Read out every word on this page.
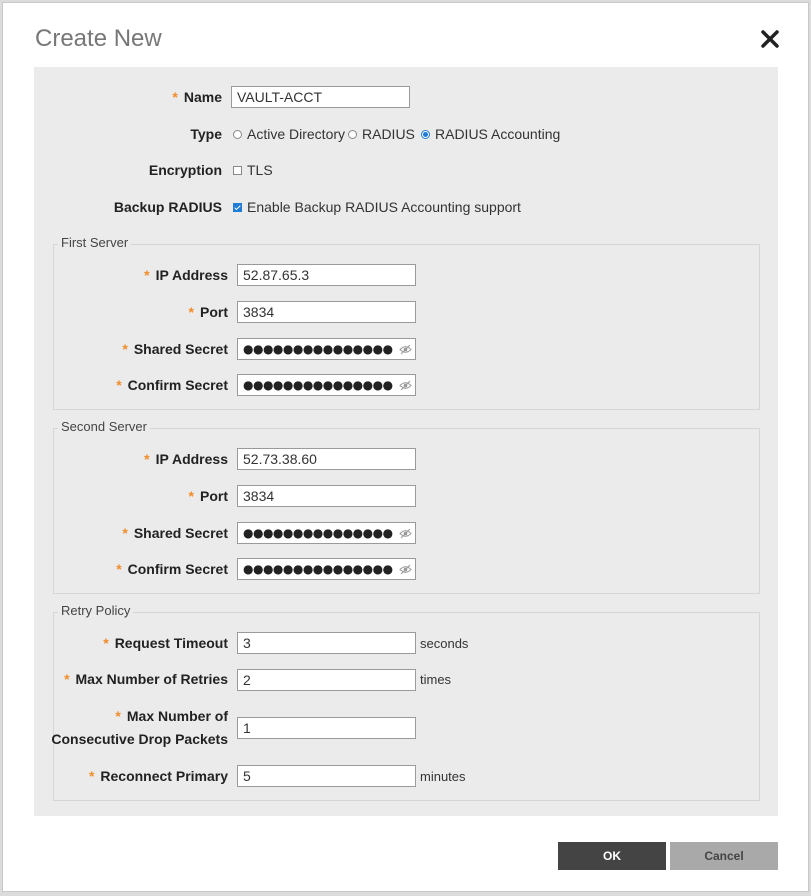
Create New
* Name
VAULT-ACCT
Type Active Directory RADIUS RADIUS Accounting
Encryption TLS
Backup RADIUS Enable Backup RADIUS Accounting support
First Server
* IP Address
52.87.65.3
* Port
3834
* Shared Secret ●●●●●●●●●●●●●●●
* Confirm Secret ●●●●●●●●●●●●●●●
Second Server
* IP Address
52.73.38.60
* Port
3834
* Shared Secret ●●●●●●●●●●●●●●●
* Confirm Secret ●●●●●●●●●●●●●●●
Retry Policy
* Request Timeout
3	seconds
* Max Number of Retries
2	times
* Max Number of
Consecutive Drop Packets
1
* Reconnect Primary
5	minutes
OK	Cancel
